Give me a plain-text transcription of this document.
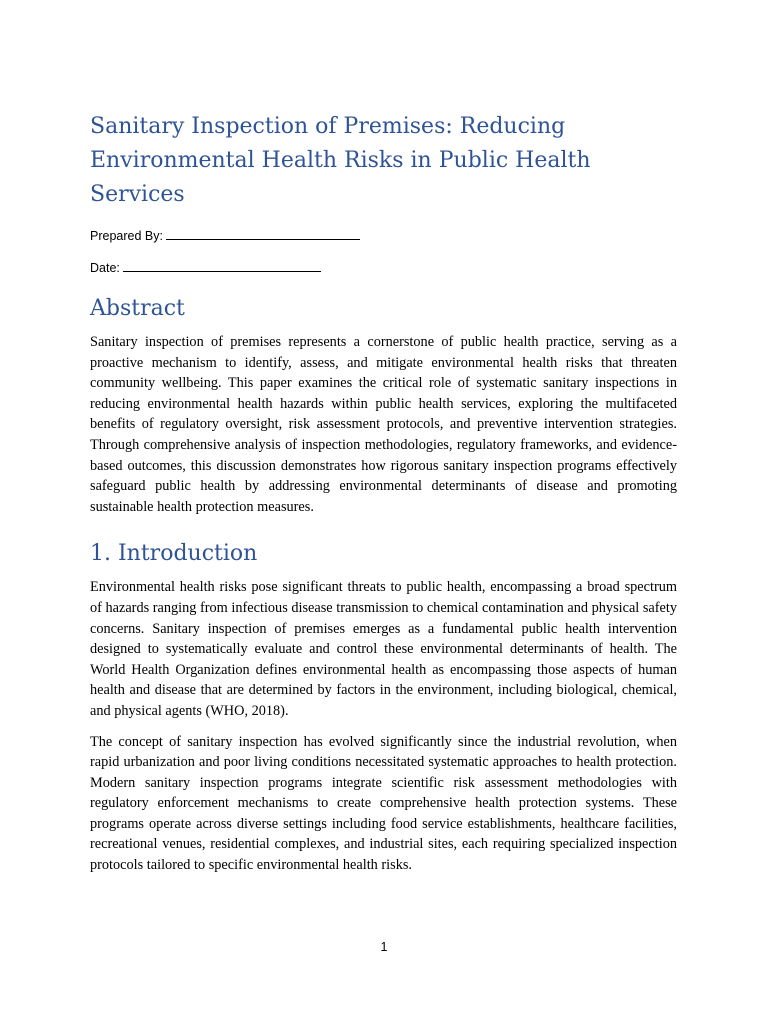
Sanitary Inspection of Premises: Reducing Environmental Health Risks in Public Health Services
Prepared By:
Date:
Abstract

Sanitary inspection of premises represents a cornerstone of public health practice, serving as a proactive mechanism to identify, assess, and mitigate environmental health risks that threaten community wellbeing. This paper examines the critical role of systematic sanitary inspections in reducing environmental health hazards within public health services, exploring the multifaceted benefits of regulatory oversight, risk assessment protocols, and preventive intervention strategies. Through comprehensive analysis of inspection methodologies, regulatory frameworks, and evidence-based outcomes, this discussion demonstrates how rigorous sanitary inspection programs effectively safeguard public health by addressing environmental determinants of disease and promoting sustainable health protection measures.

1. Introduction

Environmental health risks pose significant threats to public health, encompassing a broad spectrum of hazards ranging from infectious disease transmission to chemical contamination and physical safety concerns. Sanitary inspection of premises emerges as a fundamental public health intervention designed to systematically evaluate and control these environmental determinants of health. The World Health Organization defines environmental health as encompassing those aspects of human health and disease that are determined by factors in the environment, including biological, chemical, and physical agents (WHO, 2018).

The concept of sanitary inspection has evolved significantly since the industrial revolution, when rapid urbanization and poor living conditions necessitated systematic approaches to health protection. Modern sanitary inspection programs integrate scientific risk assessment methodologies with regulatory enforcement mechanisms to create comprehensive health protection systems. These programs operate across diverse settings including food service establishments, healthcare facilities, recreational venues, residential complexes, and industrial sites, each requiring specialized inspection protocols tailored to specific environmental health risks.

1
